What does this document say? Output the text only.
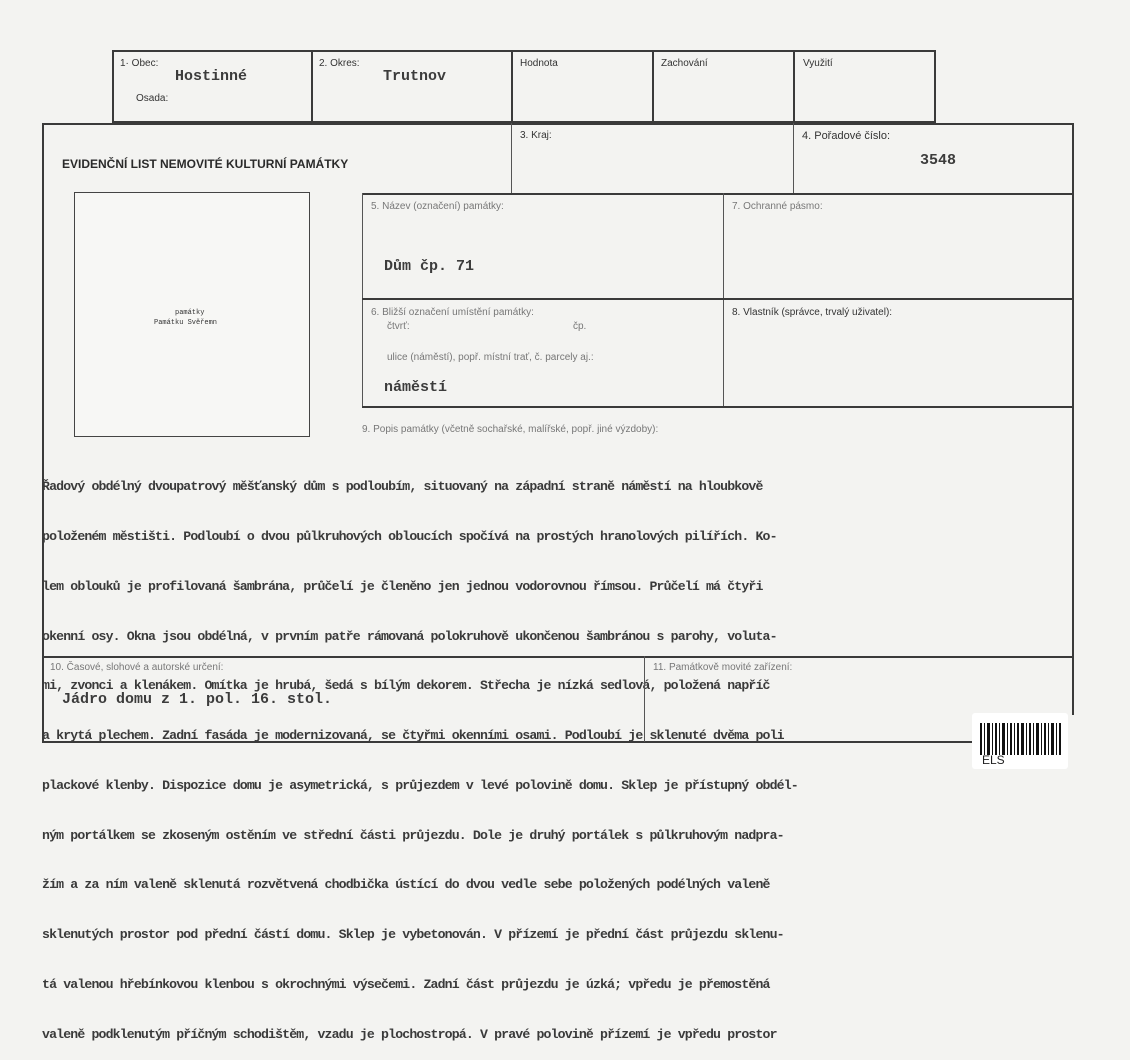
1· Obec:
Hostinné
Osada:
2. Okres:
Trutnov
Hodnota	Zachování	Využití
EVIDENČNÍ LIST NEMOVITÉ KULTURNÍ PAMÁTKY
3. Kraj:	4. Pořadové číslo:
3548
5. Název (označení) památky:
Dům čp. 71
7. Ochranné pásmo:
6. Bližší označení umístění památky:
čtvrť:	čp.
ulice (náměstí), popř. místní trať, č. parcely aj.:
náměstí
8. Vlastník (správce, trvalý uživatel):
památky
Památku Svěřemn
9. Popis památky (včetně sochařské, malířské, popř. jiné výzdoby):

Řadový obdélný dvoupatrový měšťanský dům s podloubím, situovaný na západní straně náměstí na hloubkově

položeném městišti. Podloubí o dvou půlkruhových obloucích spočívá na prostých hranolových pilířích. Ko-

lem oblouků je profilovaná šambrána, průčelí je členěno jen jednou vodorovnou římsou. Průčelí má čtyři

okenní osy. Okna jsou obdélná, v prvním patře rámovaná polokruhově ukončenou šambránou s parohy, voluta-

mi, zvonci a klenákem. Omítka je hrubá, šedá s bílým dekorem. Střecha je nízká sedlová, položená napříč

a krytá plechem. Zadní fasáda je modernizovaná, se čtyřmi okenními osami. Podloubí je sklenuté dvěma poli

plackové klenby. Dispozice domu je asymetrická, s průjezdem v levé polovině domu. Sklep je přístupný obdél-

ným portálkem se zkoseným ostěním ve střední části průjezdu. Dole je druhý portálek s půlkruhovým nadpra-

žím a za ním valeně sklenutá rozvětvená chodbička ústící do dvou vedle sebe položených podélných valeně

sklenutých prostor pod přední částí domu. Sklep je vybetonován. V přízemí je přední část průjezdu sklenu-

tá valenou hřebínkovou klenbou s okrochnými výsečemi. Zadní část průjezdu je úzká; vpředu je přemostěná

valeně podklenutým příčným schodištěm, vzadu je plochostropá. V pravé polovině přízemí je vpředu prostor

10. Časové, slohové a autorské určení:
Jádro domu z 1. pol. 16. stol.
11. Památkově movité zařízení:
ELS
